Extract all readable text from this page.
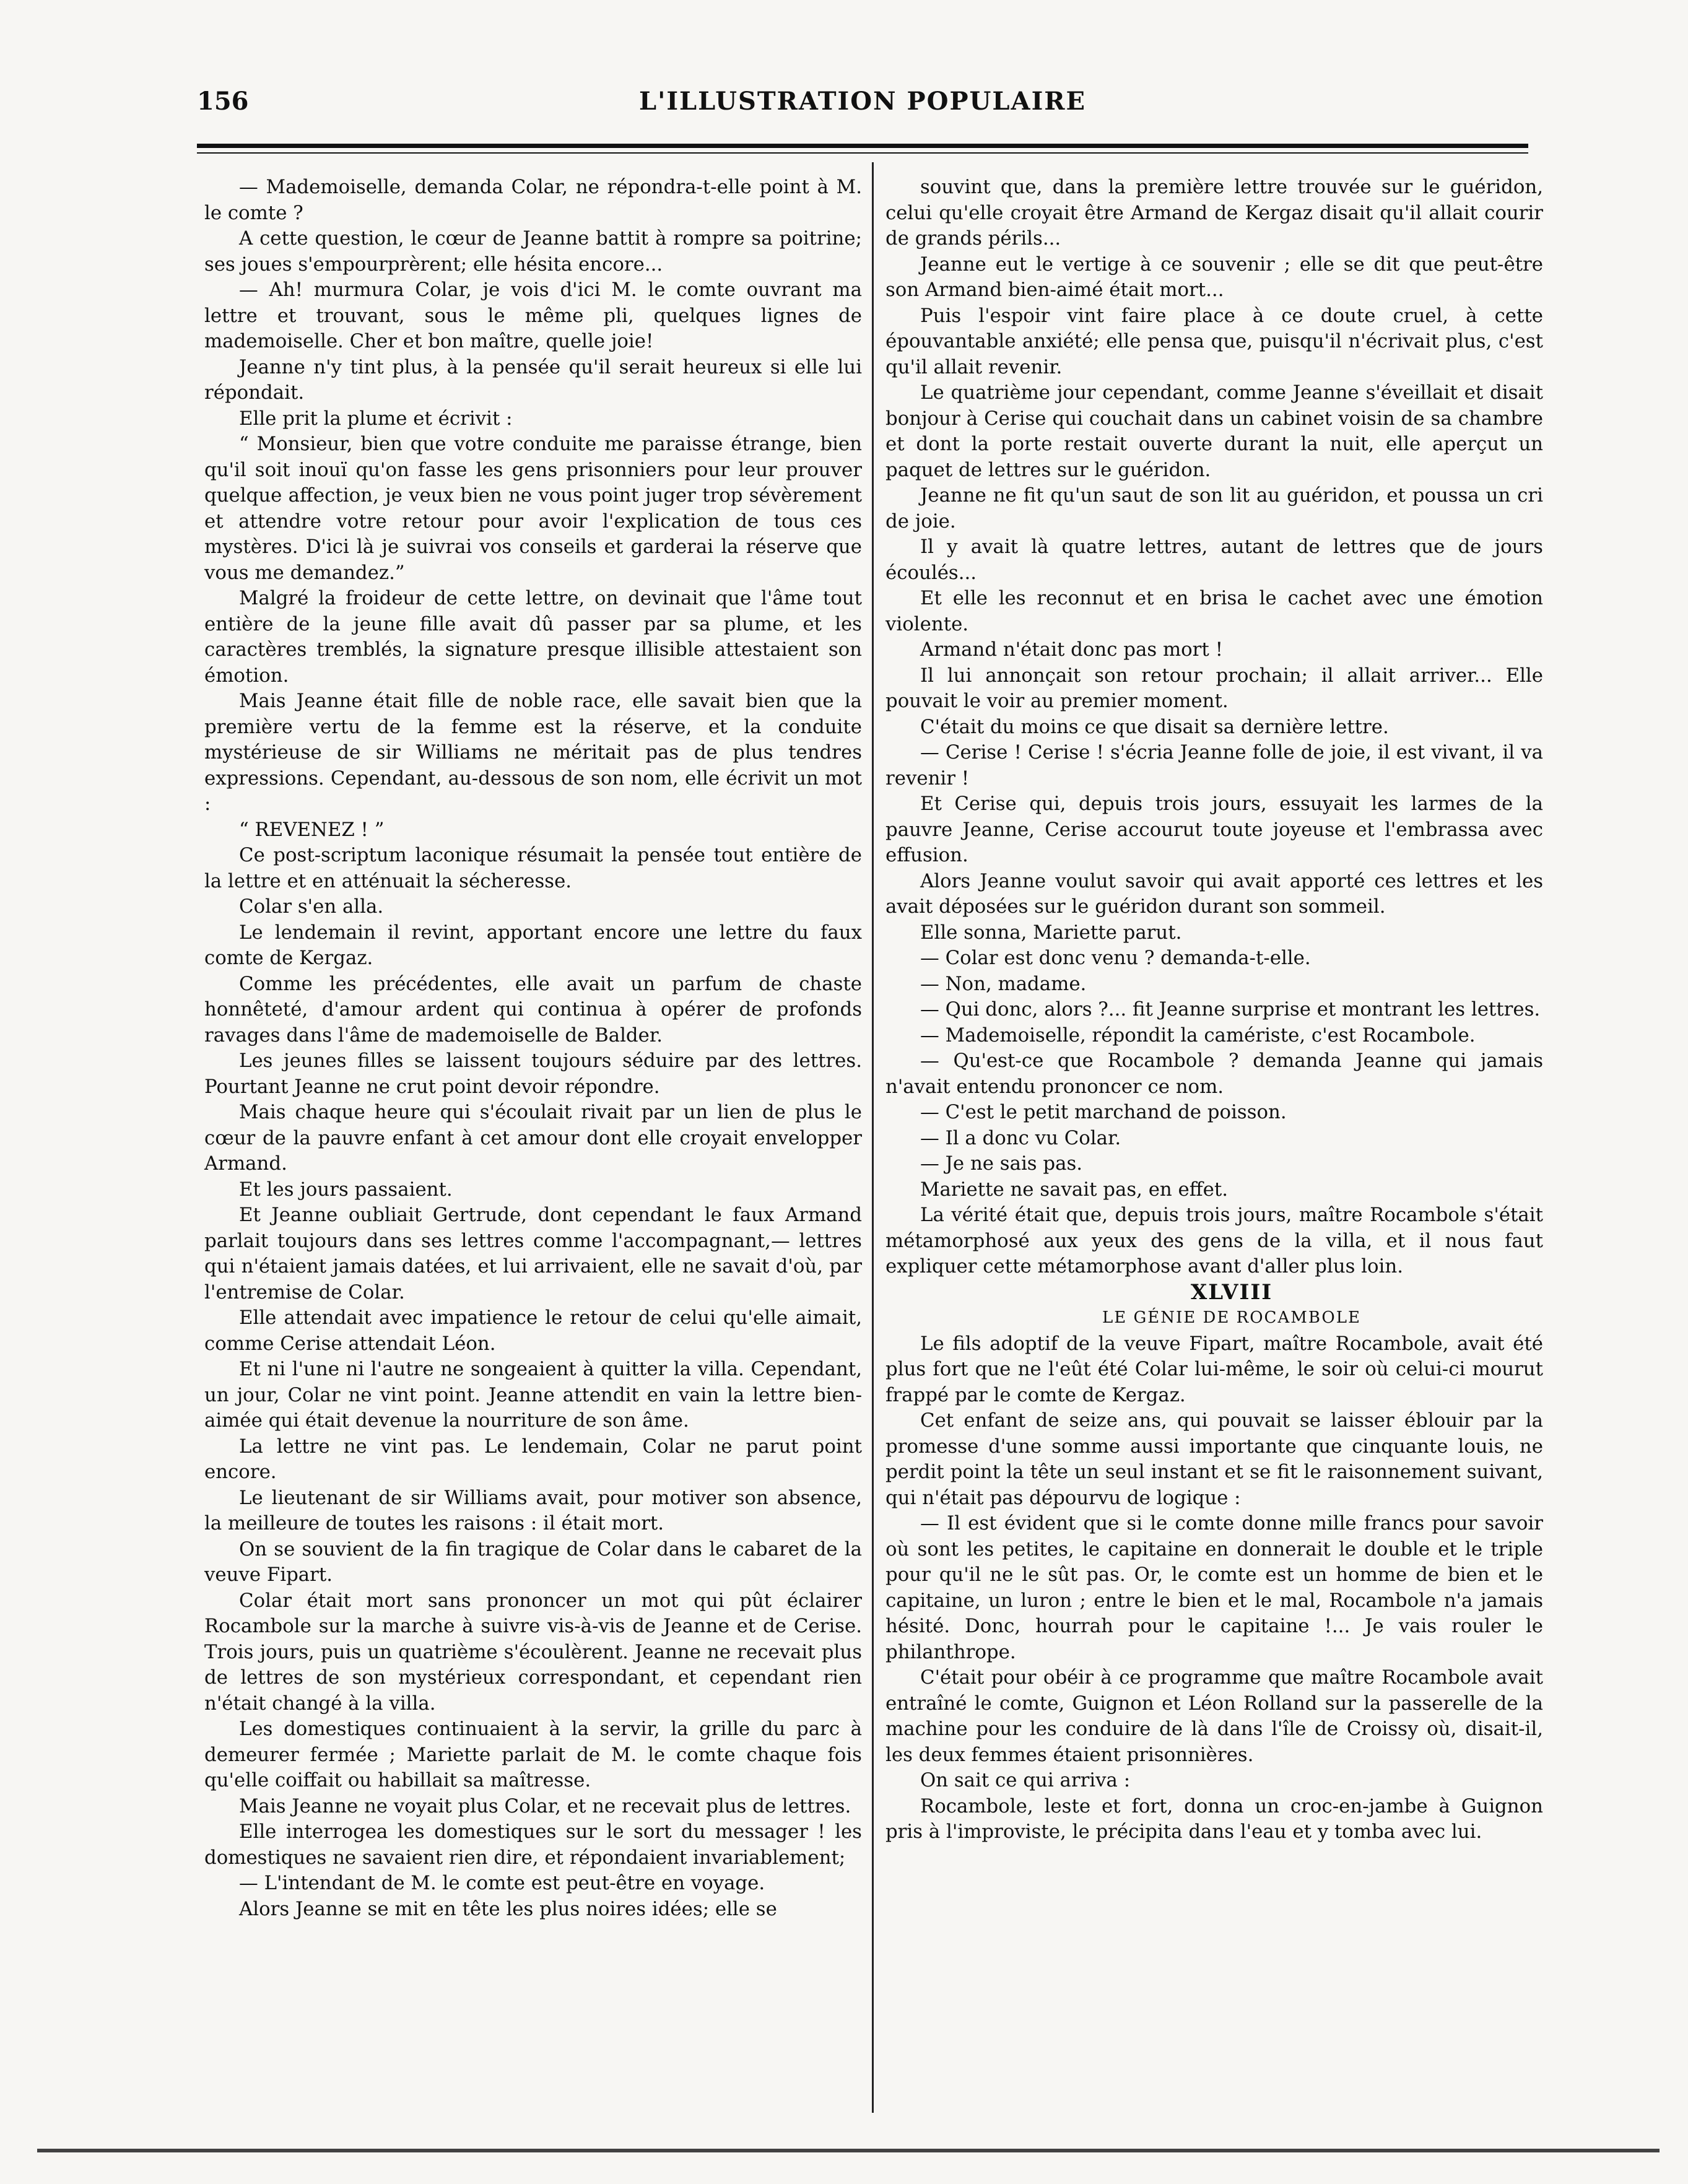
156	L'ILLUSTRATION POPULAIRE

— Mademoiselle, demanda Colar, ne répondra-t-elle point à M. le comte ?

A cette question, le cœur de Jeanne battit à rompre sa poitrine; ses joues s'empourprèrent; elle hésita encore...

— Ah! murmura Colar, je vois d'ici M. le comte ouvrant ma lettre et trouvant, sous le même pli, quelques lignes de mademoiselle. Cher et bon maître, quelle joie!

Jeanne n'y tint plus, à la pensée qu'il serait heureux si elle lui répondait.

Elle prit la plume et écrivit :

“ Monsieur, bien que votre conduite me paraisse étrange, bien qu'il soit inouï qu'on fasse les gens prisonniers pour leur prouver quelque affection, je veux bien ne vous point juger trop sévèrement et attendre votre retour pour avoir l'explication de tous ces mystères. D'ici là je suivrai vos conseils et garderai la réserve que vous me demandez.”

Malgré la froideur de cette lettre, on devinait que l'âme tout entière de la jeune fille avait dû passer par sa plume, et les caractères tremblés, la signature presque illisible attestaient son émotion.

Mais Jeanne était fille de noble race, elle savait bien que la première vertu de la femme est la réserve, et la conduite mystérieuse de sir Williams ne méritait pas de plus tendres expressions. Cependant, au-dessous de son nom, elle écrivit un mot :

“ REVENEZ ! ”

Ce post-scriptum laconique résumait la pensée tout entière de la lettre et en atténuait la sécheresse.

Colar s'en alla.

Le lendemain il revint, apportant encore une lettre du faux comte de Kergaz.

Comme les précédentes, elle avait un parfum de chaste honnêteté, d'amour ardent qui continua à opérer de profonds ravages dans l'âme de mademoiselle de Balder.

Les jeunes filles se laissent toujours séduire par des lettres. Pourtant Jeanne ne crut point devoir répondre.

Mais chaque heure qui s'écoulait rivait par un lien de plus le cœur de la pauvre enfant à cet amour dont elle croyait envelopper Armand.

Et les jours passaient.

Et Jeanne oubliait Gertrude, dont cependant le faux Armand parlait toujours dans ses lettres comme l'accompagnant,— lettres qui n'étaient jamais datées, et lui arrivaient, elle ne savait d'où, par l'entremise de Colar.

Elle attendait avec impatience le retour de celui qu'elle aimait, comme Cerise attendait Léon.

Et ni l'une ni l'autre ne songeaient à quitter la villa. Cependant, un jour, Colar ne vint point. Jeanne attendit en vain la lettre bien-aimée qui était devenue la nourriture de son âme.

La lettre ne vint pas. Le lendemain, Colar ne parut point encore.

Le lieutenant de sir Williams avait, pour motiver son absence, la meilleure de toutes les raisons : il était mort.

On se souvient de la fin tragique de Colar dans le cabaret de la veuve Fipart.

Colar était mort sans prononcer un mot qui pût éclairer Rocambole sur la marche à suivre vis-à-vis de Jeanne et de Cerise. Trois jours, puis un quatrième s'écoulèrent. Jeanne ne recevait plus de lettres de son mystérieux correspondant, et cependant rien n'était changé à la villa.

Les domestiques continuaient à la servir, la grille du parc à demeurer fermée ; Mariette parlait de M. le comte chaque fois qu'elle coiffait ou habillait sa maîtresse.

Mais Jeanne ne voyait plus Colar, et ne recevait plus de lettres.

Elle interrogea les domestiques sur le sort du messager ! les domestiques ne savaient rien dire, et répondaient invariablement;

— L'intendant de M. le comte est peut-être en voyage.

Alors Jeanne se mit en tête les plus noires idées; elle se

souvint que, dans la première lettre trouvée sur le guéridon, celui qu'elle croyait être Armand de Kergaz disait qu'il allait courir de grands périls...

Jeanne eut le vertige à ce souvenir ; elle se dit que peut-être son Armand bien-aimé était mort...

Puis l'espoir vint faire place à ce doute cruel, à cette épouvantable anxiété; elle pensa que, puisqu'il n'écrivait plus, c'est qu'il allait revenir.

Le quatrième jour cependant, comme Jeanne s'éveillait et disait bonjour à Cerise qui couchait dans un cabinet voisin de sa chambre et dont la porte restait ouverte durant la nuit, elle aperçut un paquet de lettres sur le guéridon.

Jeanne ne fit qu'un saut de son lit au guéridon, et poussa un cri de joie.

Il y avait là quatre lettres, autant de lettres que de jours écoulés...

Et elle les reconnut et en brisa le cachet avec une émotion violente.

Armand n'était donc pas mort !

Il lui annonçait son retour prochain; il allait arriver... Elle pouvait le voir au premier moment.

C'était du moins ce que disait sa dernière lettre.

— Cerise ! Cerise ! s'écria Jeanne folle de joie, il est vivant, il va revenir !

Et Cerise qui, depuis trois jours, essuyait les larmes de la pauvre Jeanne, Cerise accourut toute joyeuse et l'embrassa avec effusion.

Alors Jeanne voulut savoir qui avait apporté ces lettres et les avait déposées sur le guéridon durant son sommeil.

Elle sonna, Mariette parut.

— Colar est donc venu ? demanda-t-elle.

— Non, madame.

— Qui donc, alors ?... fit Jeanne surprise et montrant les lettres.

— Mademoiselle, répondit la camériste, c'est Rocambole.

— Qu'est-ce que Rocambole ? demanda Jeanne qui jamais n'avait entendu prononcer ce nom.

— C'est le petit marchand de poisson.

— Il a donc vu Colar.

— Je ne sais pas.

Mariette ne savait pas, en effet.

La vérité était que, depuis trois jours, maître Rocambole s'était métamorphosé aux yeux des gens de la villa, et il nous faut expliquer cette métamorphose avant d'aller plus loin.

XLVIII

LE GÉNIE DE ROCAMBOLE

Le fils adoptif de la veuve Fipart, maître Rocambole, avait été plus fort que ne l'eût été Colar lui-même, le soir où celui-ci mourut frappé par le comte de Kergaz.

Cet enfant de seize ans, qui pouvait se laisser éblouir par la promesse d'une somme aussi importante que cinquante louis, ne perdit point la tête un seul instant et se fit le raisonnement suivant, qui n'était pas dépourvu de logique :

— Il est évident que si le comte donne mille francs pour savoir où sont les petites, le capitaine en donnerait le double et le triple pour qu'il ne le sût pas. Or, le comte est un homme de bien et le capitaine, un luron ; entre le bien et le mal, Rocambole n'a jamais hésité. Donc, hourrah pour le capitaine !... Je vais rouler le philanthrope.

C'était pour obéir à ce programme que maître Rocambole avait entraîné le comte, Guignon et Léon Rolland sur la passerelle de la machine pour les conduire de là dans l'île de Croissy où, disait-il, les deux femmes étaient prisonnières.

On sait ce qui arriva :

Rocambole, leste et fort, donna un croc-en-jambe à Guignon pris à l'improviste, le précipita dans l'eau et y tomba avec lui.
